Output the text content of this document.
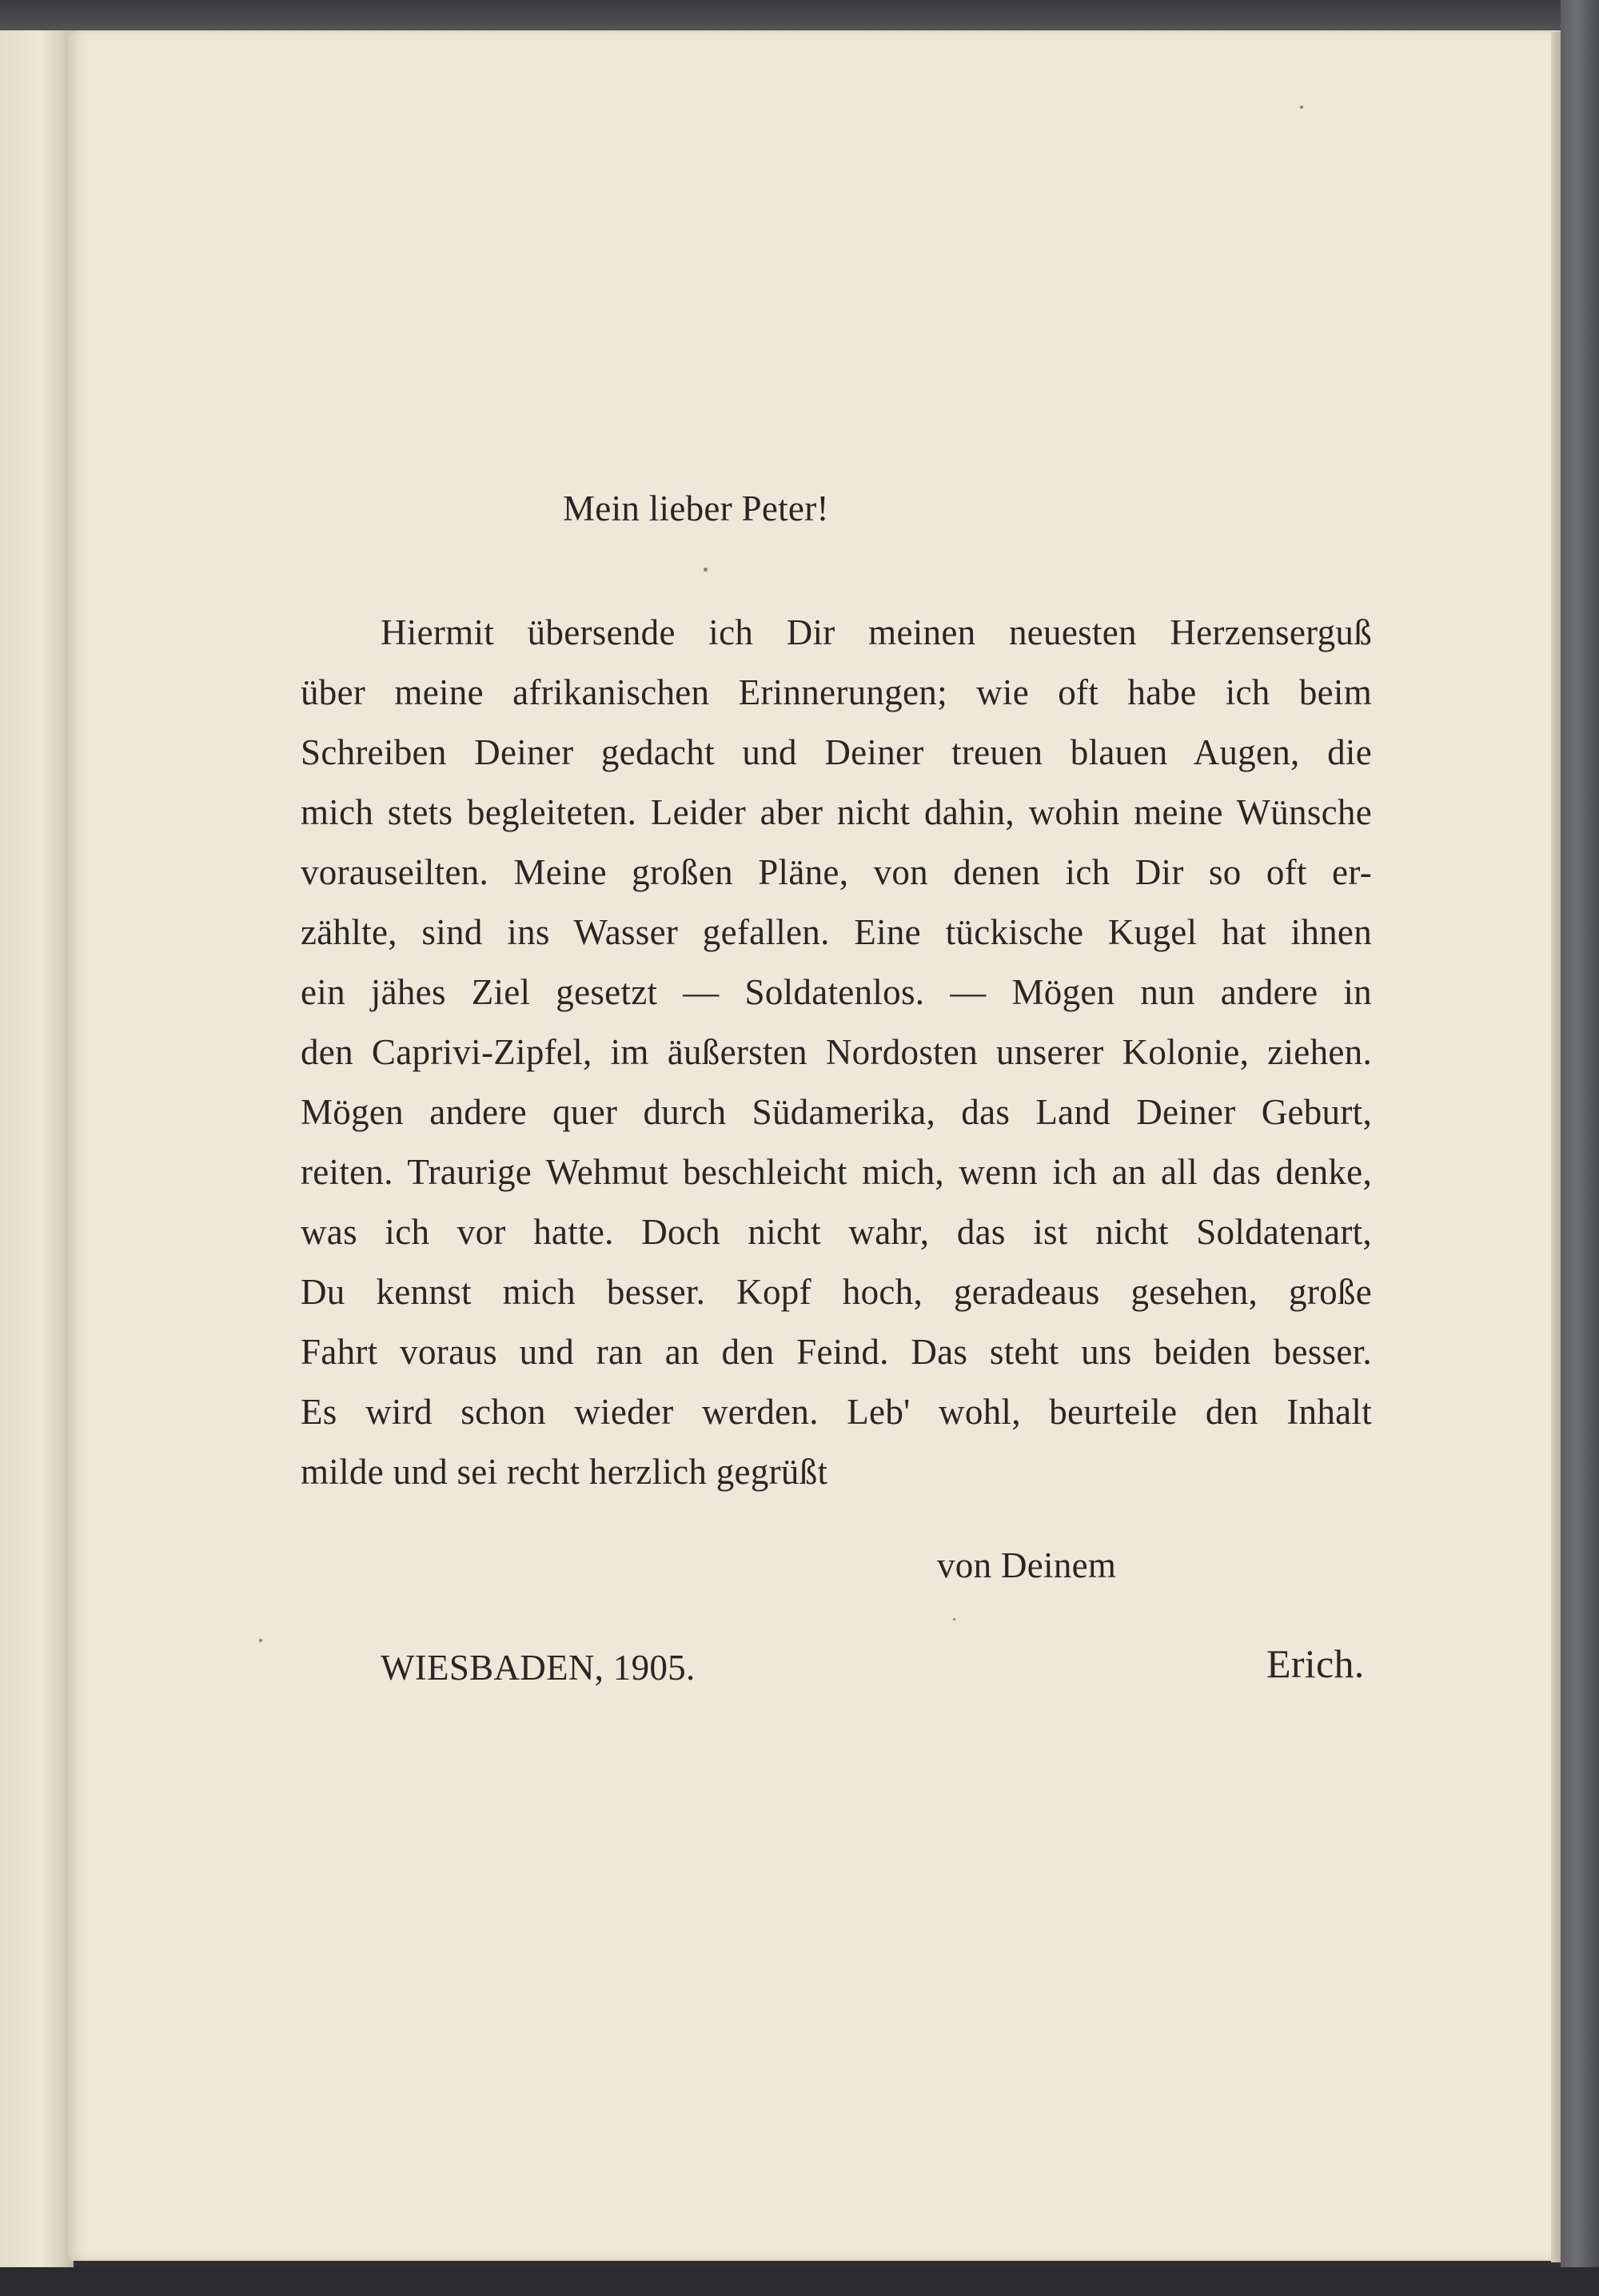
Mein lieber Peter!
Hiermit übersende ich Dir meinen neuesten Herzenserguß
über meine afrikanischen Erinnerungen; wie oft habe ich beim
Schreiben Deiner gedacht und Deiner treuen blauen Augen, die
mich stets begleiteten. Leider aber nicht dahin, wohin meine Wünsche
vorauseilten. Meine großen Pläne, von denen ich Dir so oft er-
zählte, sind ins Wasser gefallen. Eine tückische Kugel hat ihnen
ein jähes Ziel gesetzt — Soldatenlos. — Mögen nun andere in
den Caprivi-Zipfel, im äußersten Nordosten unserer Kolonie, ziehen.
Mögen andere quer durch Südamerika, das Land Deiner Geburt,
reiten. Traurige Wehmut beschleicht mich, wenn ich an all das denke,
was ich vor hatte. Doch nicht wahr, das ist nicht Soldatenart,
Du kennst mich besser. Kopf hoch, geradeaus gesehen, große
Fahrt voraus und ran an den Feind. Das steht uns beiden besser.
Es wird schon wieder werden. Leb' wohl, beurteile den Inhalt
milde und sei recht herzlich gegrüßt
von Deinem
WIESBADEN, 1905.	Erich.
